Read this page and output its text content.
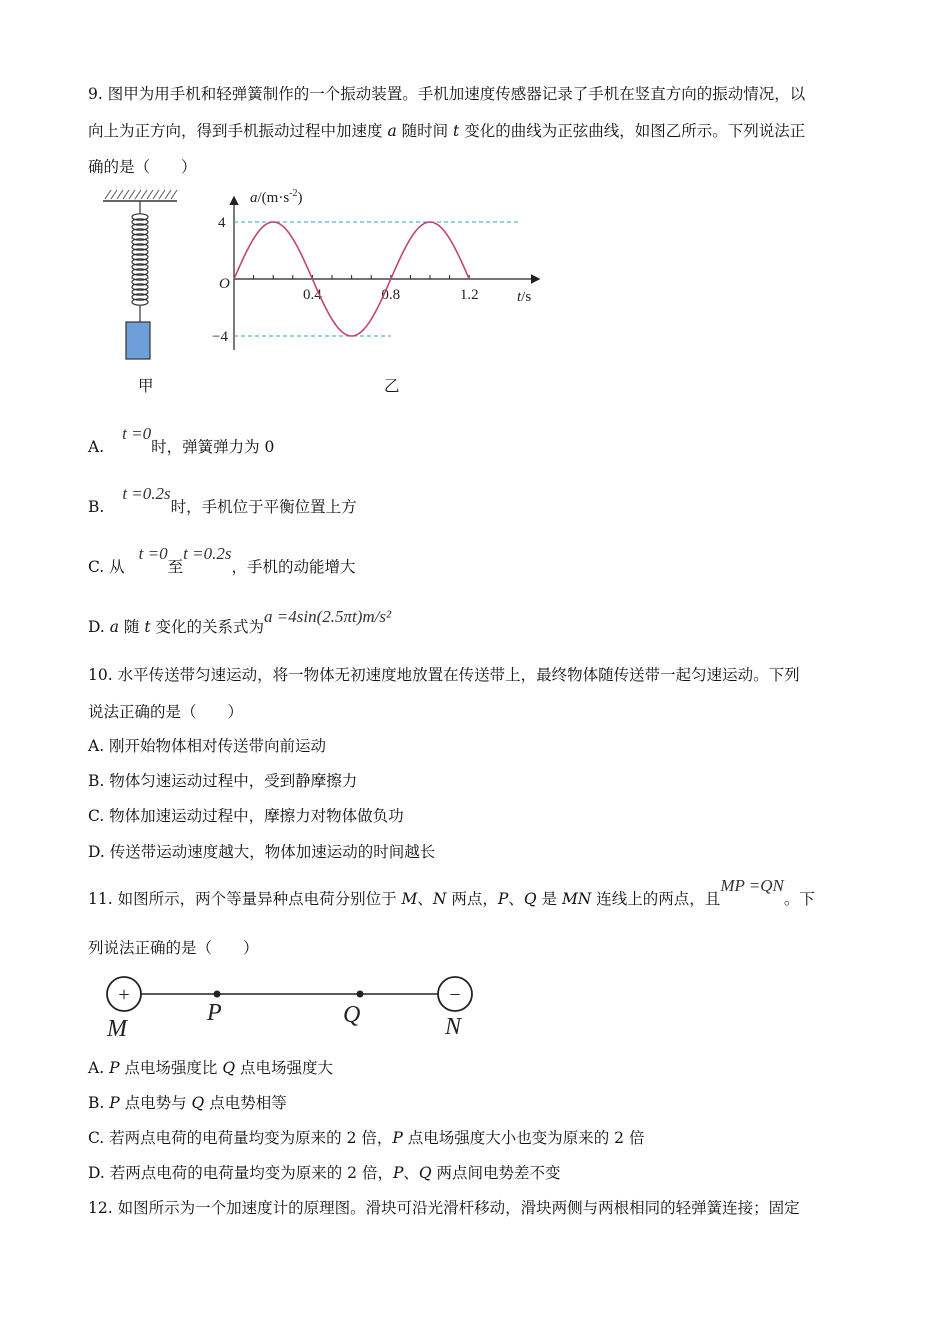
9. 图甲为用手机和轻弹簧制作的一个振动装置。手机加速度传感器记录了手机在竖直方向的振动情况，以
向上为正方向，得到手机振动过程中加速度 a 随时间 t 变化的曲线为正弦曲线，如图乙所示。下列说法正
确的是（　　）
甲
$a/(m\cdot s^{-2})$
t/s
O
4
−4
0.4	0.8	1.2
乙
A.t =0时，弹簧弹力为 0
B.t =0.2s时，手机位于平衡位置上方
C. 从t =0至t =0.2s，手机的动能增大
D. a 随 t 变化的关系式为a =4sin(2.5πt)m/s²
10. 水平传送带匀速运动，将一物体无初速度地放置在传送带上，最终物体随传送带一起匀速运动。下列
说法正确的是（　　）
A. 刚开始物体相对传送带向前运动
B. 物体匀速运动过程中，受到静摩擦力
C. 物体加速运动过程中，摩擦力对物体做负功
D. 传送带运动速度越大，物体加速运动的时间越长
11. 如图所示，两个等量异种点电荷分别位于 M、N 两点，P、Q 是 MN 连线上的两点，且MP =QN。下
列说法正确的是（　　）
+	−
M
P	Q	N
A. P 点电场强度比 Q 点电场强度大
B. P 点电势与 Q 点电势相等
C. 若两点电荷的电荷量均变为原来的 2 倍，P 点电场强度大小也变为原来的 2 倍
D. 若两点电荷的电荷量均变为原来的 2 倍，P、Q 两点间电势差不变
12. 如图所示为一个加速度计的原理图。滑块可沿光滑杆移动，滑块两侧与两根相同的轻弹簧连接；固定
